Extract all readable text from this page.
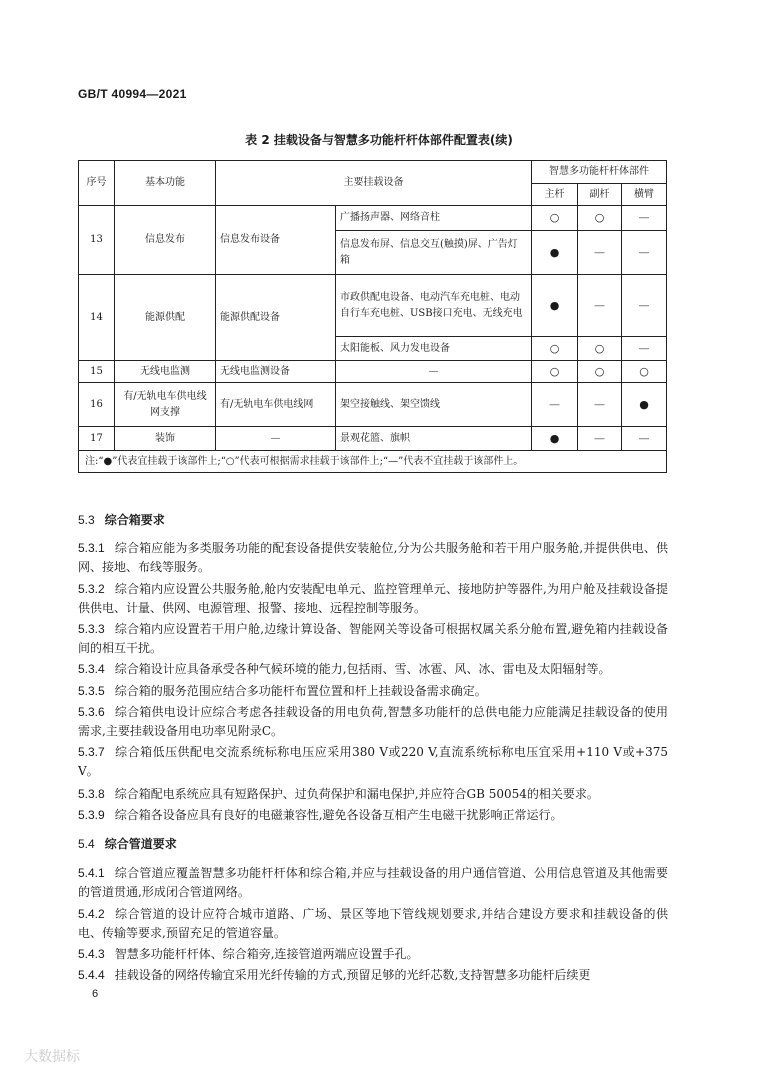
GB/T 40994—2021
表 2 挂载设备与智慧多功能杆杆体部件配置表(续)
序号	基本功能	主要挂载设备		智慧多功能杆杆体部件		
				主杆	副杆	横臂
13	信息发布	信息发布设备	广播扬声器、网络音柱	○	○	—
			信息发布屏、信息交互(触摸)屏、广告灯箱	●	—	—
14	能源供配	能源供配设备	市政供配电设备、电动汽车充电桩、电动自行车充电桩、USB接口充电、无线充电	●	—	—
			太阳能板、风力发电设备	○	○	—
15	无线电监测	无线电监测设备	—	○	○	○
16	有/无轨电车供电线网支撑	有/无轨电车供电线网	架空接触线、架空馈线	—	—	●
17	装饰	—	景观花篮、旗帜	●	—	—
注:“●”代表宜挂载于该部件上;“○”代表可根据需求挂载于该部件上;“—”代表不宜挂载于该部件上。						
5.3 综合箱要求
5.3.1 综合箱应能为多类服务功能的配套设备提供安装舱位,分为公共服务舱和若干用户服务舱,并提供供电、供网、接地、布线等服务。
5.3.2 综合箱内应设置公共服务舱,舱内安装配电单元、监控管理单元、接地防护等器件,为用户舱及挂载设备提供供电、计量、供网、电源管理、报警、接地、远程控制等服务。
5.3.3 综合箱内应设置若干用户舱,边缘计算设备、智能网关等设备可根据权属关系分舱布置,避免箱内挂载设备间的相互干扰。
5.3.4 综合箱设计应具备承受各种气候环境的能力,包括雨、雪、冰雹、风、冰、雷电及太阳辐射等。
5.3.5 综合箱的服务范围应结合多功能杆布置位置和杆上挂载设备需求确定。
5.3.6 综合箱供电设计应综合考虑各挂载设备的用电负荷,智慧多功能杆的总供电能力应能满足挂载设备的使用需求,主要挂载设备用电功率见附录C。
5.3.7 综合箱低压供配电交流系统标称电压应采用380 V或220 V,直流系统标称电压宜采用+110 V或+375 V。
5.3.8 综合箱配电系统应具有短路保护、过负荷保护和漏电保护,并应符合GB 50054的相关要求。
5.3.9 综合箱各设备应具有良好的电磁兼容性,避免各设备互相产生电磁干扰影响正常运行。
5.4 综合管道要求
5.4.1 综合管道应覆盖智慧多功能杆杆体和综合箱,并应与挂载设备的用户通信管道、公用信息管道及其他需要的管道贯通,形成闭合管道网络。
5.4.2 综合管道的设计应符合城市道路、广场、景区等地下管线规划要求,并结合建设方要求和挂载设备的供电、传输等要求,预留充足的管道容量。
5.4.3 智慧多功能杆杆体、综合箱旁,连接管道两端应设置手孔。
5.4.4 挂载设备的网络传输宜采用光纤传输的方式,预留足够的光纤芯数,支持智慧多功能杆后续更
6
大数据标
